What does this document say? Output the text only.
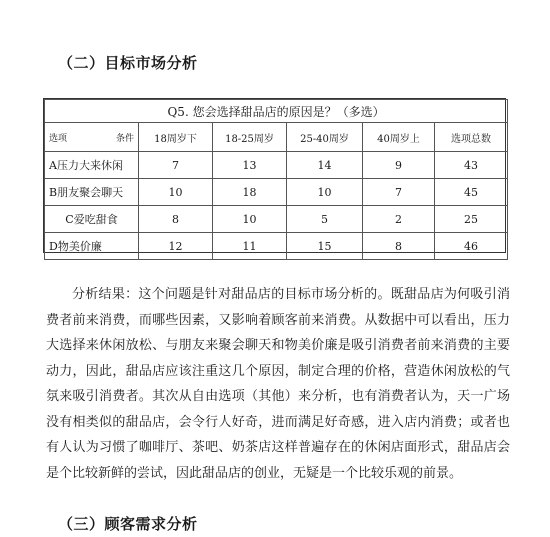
（二）目标市场分析
Q5. 您会选择甜品店的原因是？（多选）					

选项 条件	18周岁下	18-25周岁	25-40周岁	40周岁上	选项总数
A压力大来休闲	7	13	14	9	43
B朋友聚会聊天	10	18	10	7	45
C爱吃甜食	8	10	5	2	25
D物美价廉	12	11	15	8	46
分析结果：这个问题是针对甜品店的目标市场分析的。既甜品店为何吸引消费者前来消费，而哪些因素，又影响着顾客前来消费。从数据中可以看出，压力大选择来休闲放松、与朋友来聚会聊天和物美价廉是吸引消费者前来消费的主要动力，因此，甜品店应该注重这几个原因，制定合理的价格，营造休闲放松的气氛来吸引消费者。其次从自由选项（其他）来分析，也有消费者认为，天一广场没有相类似的甜品店，会令行人好奇，进而满足好奇感，进入店内消费；或者也有人认为习惯了咖啡厅、茶吧、奶茶店这样普遍存在的休闲店面形式，甜品店会是个比较新鲜的尝试，因此甜品店的创业，无疑是一个比较乐观的前景。
（三）顾客需求分析
